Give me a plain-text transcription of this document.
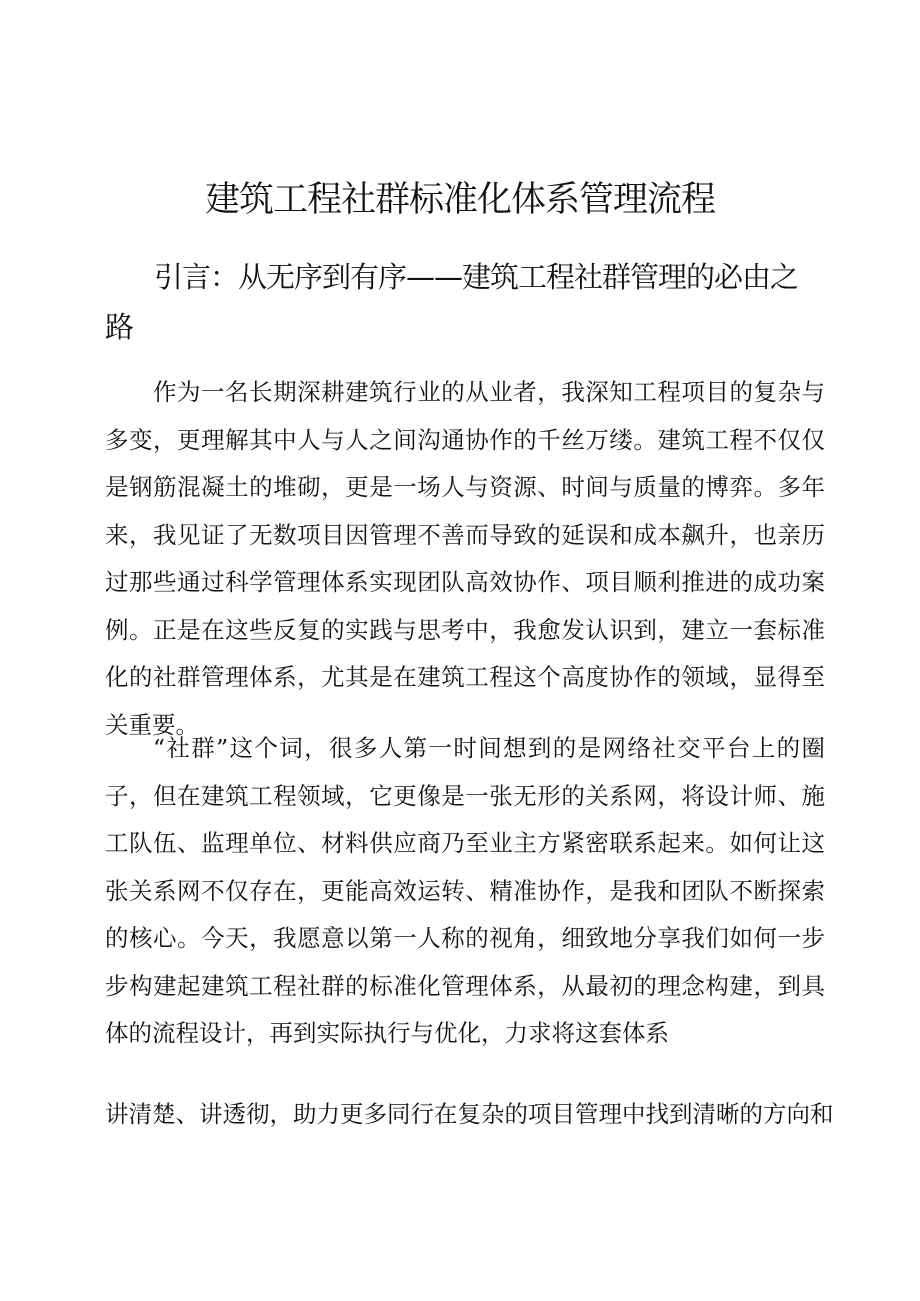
建筑工程社群标准化体系管理流程
引言：从无序到有序——建筑工程社群管理的必由之路

作为一名长期深耕建筑行业的从业者，我深知工程项目的复杂与多变，更理解其中人与人之间沟通协作的千丝万缕。建筑工程不仅仅是钢筋混凝土的堆砌，更是一场人与资源、时间与质量的博弈。多年来，我见证了无数项目因管理不善而导致的延误和成本飙升，也亲历过那些通过科学管理体系实现团队高效协作、项目顺利推进的成功案例。正是在这些反复的实践与思考中，我愈发认识到，建立一套标准化的社群管理体系，尤其是在建筑工程这个高度协作的领域，显得至关重要。

“社群”这个词，很多人第一时间想到的是网络社交平台上的圈子，但在建筑工程领域，它更像是一张无形的关系网，将设计师、施工队伍、监理单位、材料供应商乃至业主方紧密联系起来。如何让这张关系网不仅存在，更能高效运转、精准协作，是我和团队不断探索的核心。今天，我愿意以第一人称的视角，细致地分享我们如何一步步构建起建筑工程社群的标准化管理体系，从最初的理念构建，到具体的流程设计，再到实际执行与优化，力求将这套体系

讲清楚、讲透彻，助力更多同行在复杂的项目管理中找到清晰的方向和
